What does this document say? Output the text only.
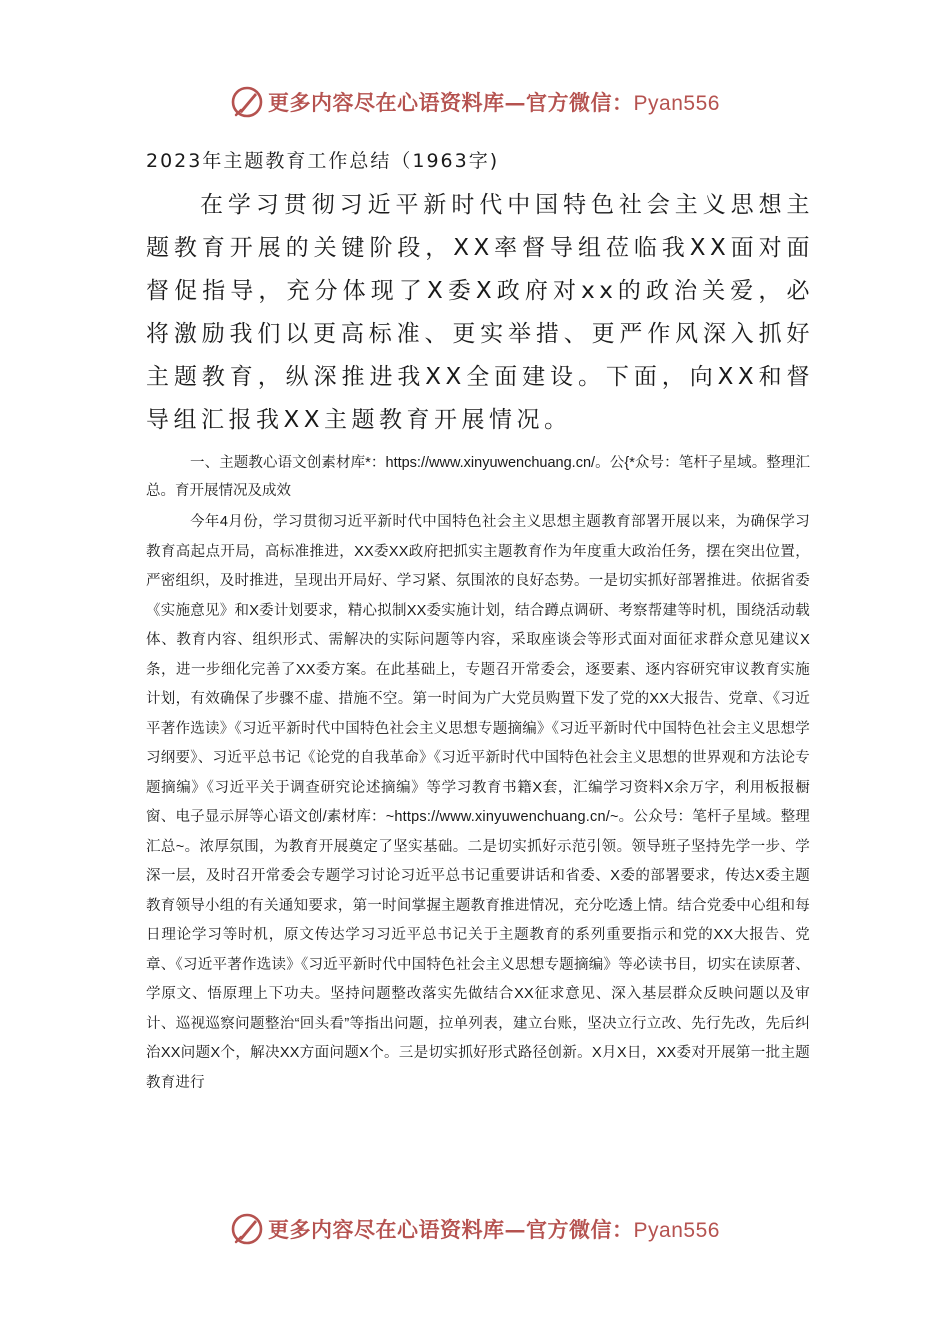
更多内容尽在心语资料库—官方微信：Pyan556
2023年主题教育工作总结（1963字)

在学习贯彻习近平新时代中国特色社会主义思想主题教育开展的关键阶段，XX率督导组莅临我XX面对面督促指导，充分体现了X委X政府对xx的政治关爱，必将激励我们以更高标准、更实举措、更严作风深入抓好主题教育，纵深推进我XX全面建设。下面，向XX和督导组汇报我XX主题教育开展情况。

一、主题教心语文创素材库*：https://www.xinyuwenchuang.cn/。公{*众号：笔杆子星域。整理汇总。育开展情况及成效

今年4月份，学习贯彻习近平新时代中国特色社会主义思想主题教育部署开展以来，为确保学习教育高起点开局，高标准推进，XX委XX政府把抓实主题教育作为年度重大政治任务，摆在突出位置，严密组织，及时推进，呈现出开局好、学习紧、氛围浓的良好态势。一是切实抓好部署推进。依据省委《实施意见》和X委计划要求，精心拟制XX委实施计划，结合蹲点调研、考察帮建等时机，围绕活动载体、教育内容、组织形式、需解决的实际问题等内容，采取座谈会等形式面对面征求群众意见建议X条，进一步细化完善了XX委方案。在此基础上，专题召开常委会，逐要素、逐内容研究审议教育实施计划，有效确保了步骤不虚、措施不空。第一时间为广大党员购置下发了党的XX大报告、党章、《习近平著作选读》《习近平新时代中国特色社会主义思想专题摘编》《习近平新时代中国特色社会主义思想学习纲要》、习近平总书记《论党的自我革命》《习近平新时代中国特色社会主义思想的世界观和方法论专题摘编》《习近平关于调查研究论述摘编》等学习教育书籍X套，汇编学习资料X余万字，利用板报橱窗、电子显示屏等心语文创/素材库：~https://www.xinyuwenchuang.cn/~。公众号：笔杆子星域。整理汇总~。浓厚氛围，为教育开展奠定了坚实基础。二是切实抓好示范引领。领导班子坚持先学一步、学深一层，及时召开常委会专题学习讨论习近平总书记重要讲话和省委、X委的部署要求，传达X委主题教育领导小组的有关通知要求，第一时间掌握主题教育推进情况，充分吃透上情。结合党委中心组和每日理论学习等时机，原文传达学习习近平总书记关于主题教育的系列重要指示和党的XX大报告、党章、《习近平著作选读》《习近平新时代中国特色社会主义思想专题摘编》等必读书目，切实在读原著、学原文、悟原理上下功夫。坚持问题整改落实先做结合XX征求意见、深入基层群众反映问题以及审计、巡视巡察问题整治“回头看”等指出问题，拉单列表，建立台账，坚决立行立改、先行先改，先后纠治XX问题X个，解决XX方面问题X个。三是切实抓好形式路径创新。X月X日，XX委对开展第一批主题教育进行

更多内容尽在心语资料库—官方微信：Pyan556
